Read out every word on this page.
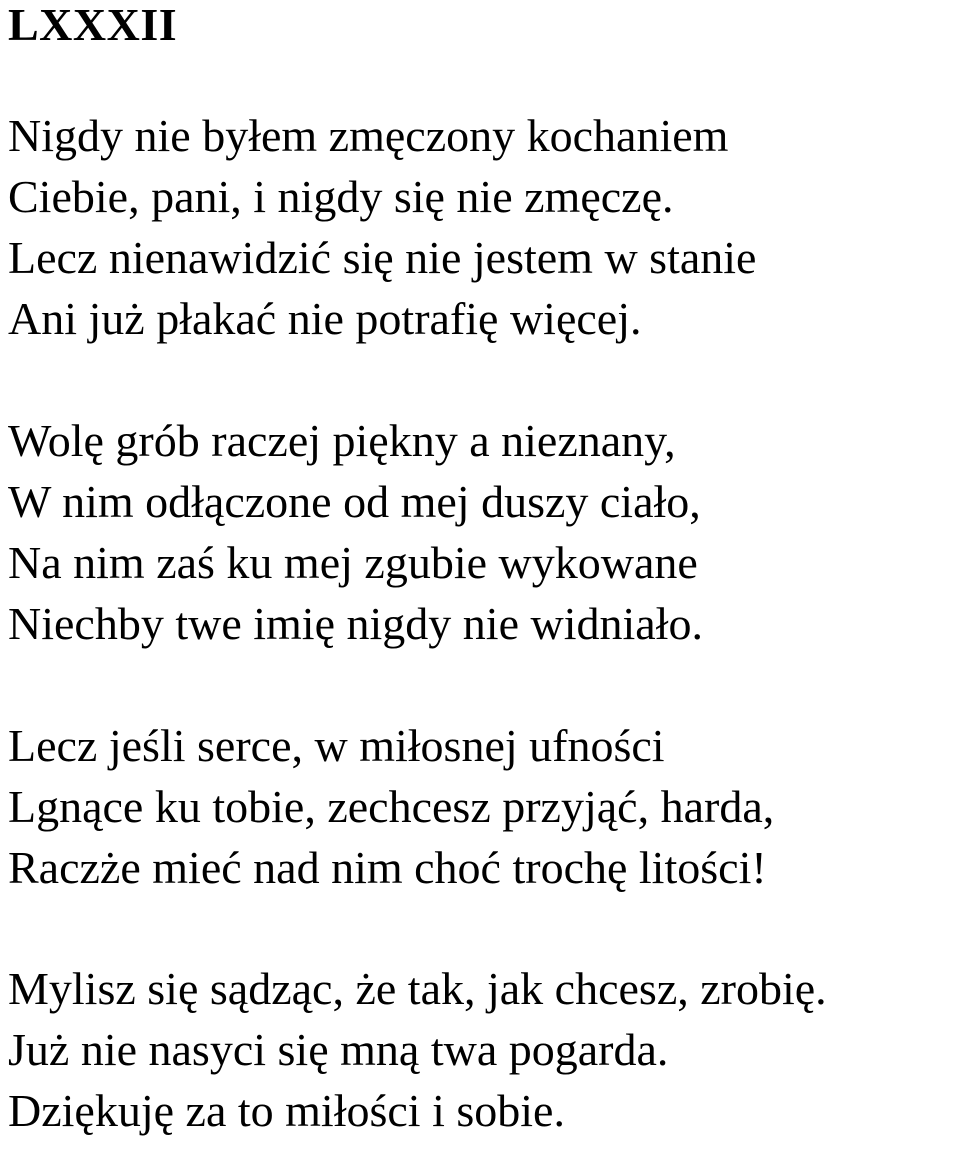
LXXXII
Nigdy nie byłem zmęczony kochaniem
Ciebie, pani, i nigdy się nie zmęczę.
Lecz nienawidzić się nie jestem w stanie
Ani już płakać nie potrafię więcej.
Wolę grób raczej piękny a nieznany,
W nim odłączone od mej duszy ciało,
Na nim zaś ku mej zgubie wykowane
Niechby twe imię nigdy nie widniało.
Lecz jeśli serce, w miłosnej ufności
Lgnące ku tobie, zechcesz przyjąć, harda,
Raczże mieć nad nim choć trochę litości!
Mylisz się sądząc, że tak, jak chcesz, zrobię.
Już nie nasyci się mną twa pogarda.
Dziękuję za to miłości i sobie.
